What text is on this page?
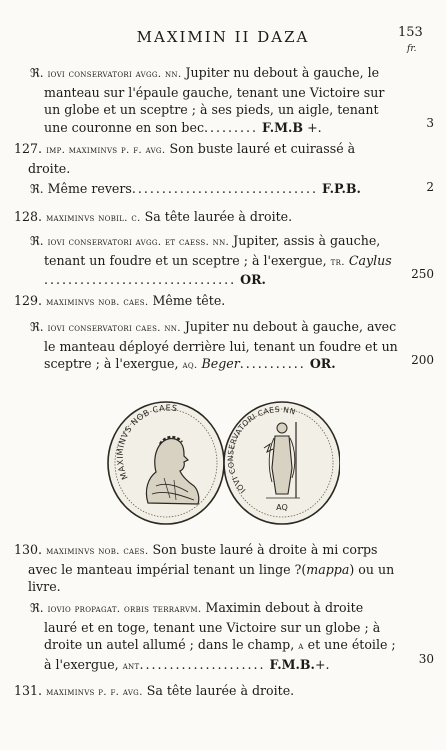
MAXIMIN II DAZA	153
fr.
ℜ. iovi conservatori avgg. nn. Jupiter nu debout à gauche, le manteau sur l'épaule gauche, tenant une Victoire sur un globe et un sceptre ; à ses pieds, un aigle, tenant une couronne en son bec......... F.M.B +.	3
127. imp. maximinvs p. f. avg. Son buste lauré et cuirassé à droite.
ℜ. Même revers............................... F.P.B.	2
128. maximinvs nobil. c. Sa tête laurée à droite.
ℜ. iovi conservatori avgg. et caess. nn. Jupiter, assis à gauche, tenant un foudre et un sceptre ; à l'exergue, tr. Caylus ................................ OR.	250
129. maximinvs nob. caes. Même tête.
ℜ. iovi conservatori caes. nn. Jupiter nu debout à gauche, avec le manteau déployé derrière lui, tenant un foudre et un sceptre ; à l'exergue, aq. Beger........... OR.	200
MAXIMINVS NOB CAES
IOVI CONSERVATORI CAES NN
AQ
130. maximinvs nob. caes. Son buste lauré à droite à mi corps avec le manteau impérial tenant un linge ?(mappa) ou un livre.
ℜ. iovio propagat. orbis terrarvm. Maximin debout à droite lauré et en toge, tenant une Victoire sur un globe ; à droite un autel allumé ; dans le champ, a et une étoile ; à l'exergue, ant..................... F.M.B.+.	30
131. maximinvs p. f. avg. Sa tête laurée à droite.
